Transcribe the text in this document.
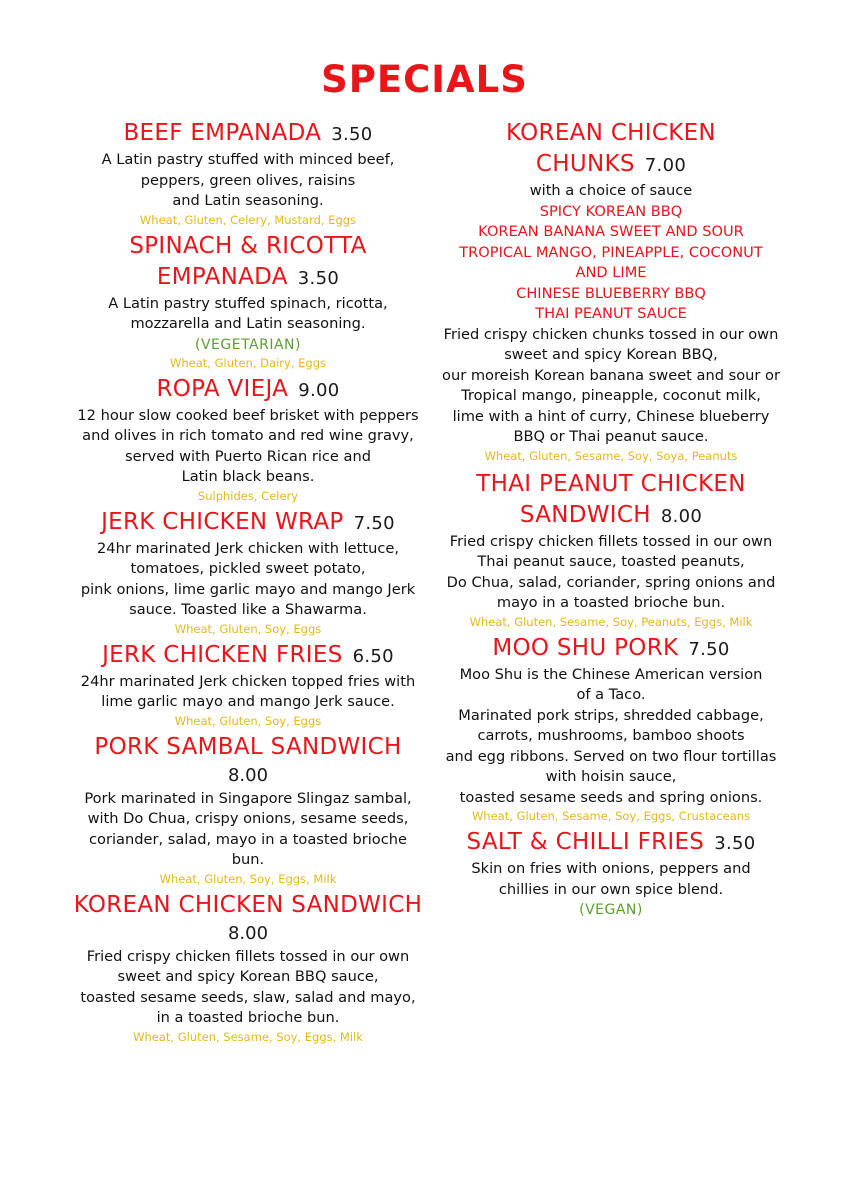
SPECIALS
BEEF EMPANADA 3.50
A Latin pastry stuffed with minced beef,
peppers, green olives, raisins
and Latin seasoning.
Wheat, Gluten, Celery, Mustard, Eggs
SPINACH & RICOTTA
EMPANADA 3.50
A Latin pastry stuffed spinach, ricotta,
mozzarella and Latin seasoning.
(VEGETARIAN)
Wheat, Gluten, Dairy, Eggs
ROPA VIEJA 9.00
12 hour slow cooked beef brisket with peppers
and olives in rich tomato and red wine gravy,
served with Puerto Rican rice and
Latin black beans.
Sulphides, Celery
JERK CHICKEN WRAP 7.50
24hr marinated Jerk chicken with lettuce,
tomatoes, pickled sweet potato,
pink onions, lime garlic mayo and mango Jerk
sauce. Toasted like a Shawarma.
Wheat, Gluten, Soy, Eggs
JERK CHICKEN FRIES 6.50
24hr marinated Jerk chicken topped fries with
lime garlic mayo and mango Jerk sauce.
Wheat, Gluten, Soy, Eggs
PORK SAMBAL SANDWICH
8.00
Pork marinated in Singapore Slingaz sambal,
with Do Chua, crispy onions, sesame seeds,
coriander, salad, mayo in a toasted brioche
bun.
Wheat, Gluten, Soy, Eggs, Milk
KOREAN CHICKEN SANDWICH
8.00
Fried crispy chicken fillets tossed in our own
sweet and spicy Korean BBQ sauce,
toasted sesame seeds, slaw, salad and mayo,
in a toasted brioche bun.
Wheat, Gluten, Sesame, Soy, Eggs, Milk
KOREAN CHICKEN
CHUNKS 7.00
with a choice of sauce
SPICY KOREAN BBQ
KOREAN BANANA SWEET AND SOUR
TROPICAL MANGO, PINEAPPLE, COCONUT
AND LIME
CHINESE BLUEBERRY BBQ
THAI PEANUT SAUCE
Fried crispy chicken chunks tossed in our own
sweet and spicy Korean BBQ,
our moreish Korean banana sweet and sour or
Tropical mango, pineapple, coconut milk,
lime with a hint of curry, Chinese blueberry
BBQ or Thai peanut sauce.
Wheat, Gluten, Sesame, Soy, Soya, Peanuts
THAI PEANUT CHICKEN
SANDWICH 8.00
Fried crispy chicken fillets tossed in our own
Thai peanut sauce, toasted peanuts,
Do Chua, salad, coriander, spring onions and
mayo in a toasted brioche bun.
Wheat, Gluten, Sesame, Soy, Peanuts, Eggs, Milk
MOO SHU PORK 7.50
Moo Shu is the Chinese American version
of a Taco.
Marinated pork strips, shredded cabbage,
carrots, mushrooms, bamboo shoots
and egg ribbons. Served on two flour tortillas
with hoisin sauce,
toasted sesame seeds and spring onions.
Wheat, Gluten, Sesame, Soy, Eggs, Crustaceans
SALT & CHILLI FRIES 3.50
Skin on fries with onions, peppers and
chillies in our own spice blend.
(VEGAN)
